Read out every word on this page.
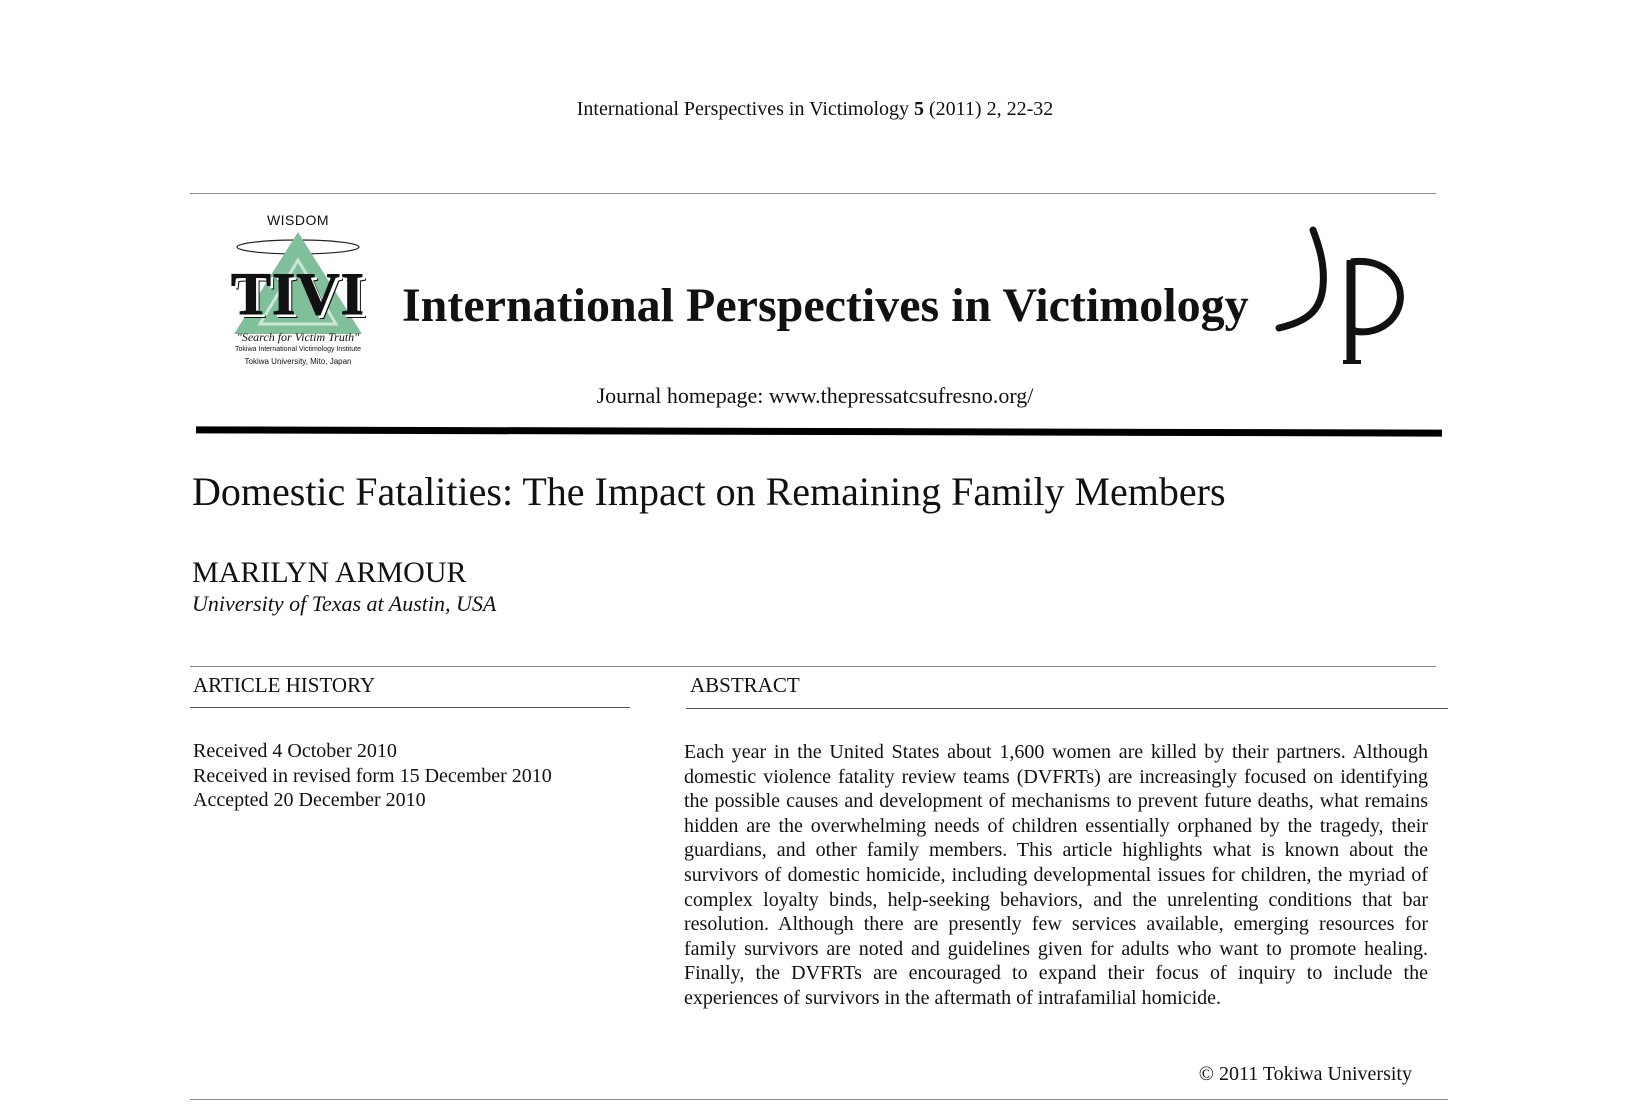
International Perspectives in Victimology 5 (2011) 2, 22-32
WISDOM
TIVI
"Search for Victim Truth"
Tokiwa International Victimology Institute
Tokiwa University, Mito, Japan
International Perspectives in Victimology
Journal homepage: www.thepressatcsufresno.org/
Domestic Fatalities: The Impact on Remaining Family Members
MARILYN ARMOUR
University of Texas at Austin, USA
ARTICLE HISTORY	ABSTRACT
Received 4 October 2010
Received in revised form 15 December 2010
Accepted 20 December 2010
Each year in the United States about 1,600 women are killed by their partners. Although domestic violence fatality review teams (DVFRTs) are increasingly focused on identifying the possible causes and development of mechanisms to prevent future deaths, what remains hidden are the overwhelming needs of children essentially orphaned by the tragedy, their guardians, and other family members. This article highlights what is known about the survivors of domestic homicide, including developmental issues for children, the myriad of complex loyalty binds, help-seeking behaviors, and the unrelenting conditions that bar resolution. Although there are presently few services available, emerging resources for family survivors are noted and guidelines given for adults who want to promote healing. Finally, the DVFRTs are encouraged to expand their focus of inquiry to include the experiences of survivors in the aftermath of intrafamilial homicide.
© 2011 Tokiwa University
